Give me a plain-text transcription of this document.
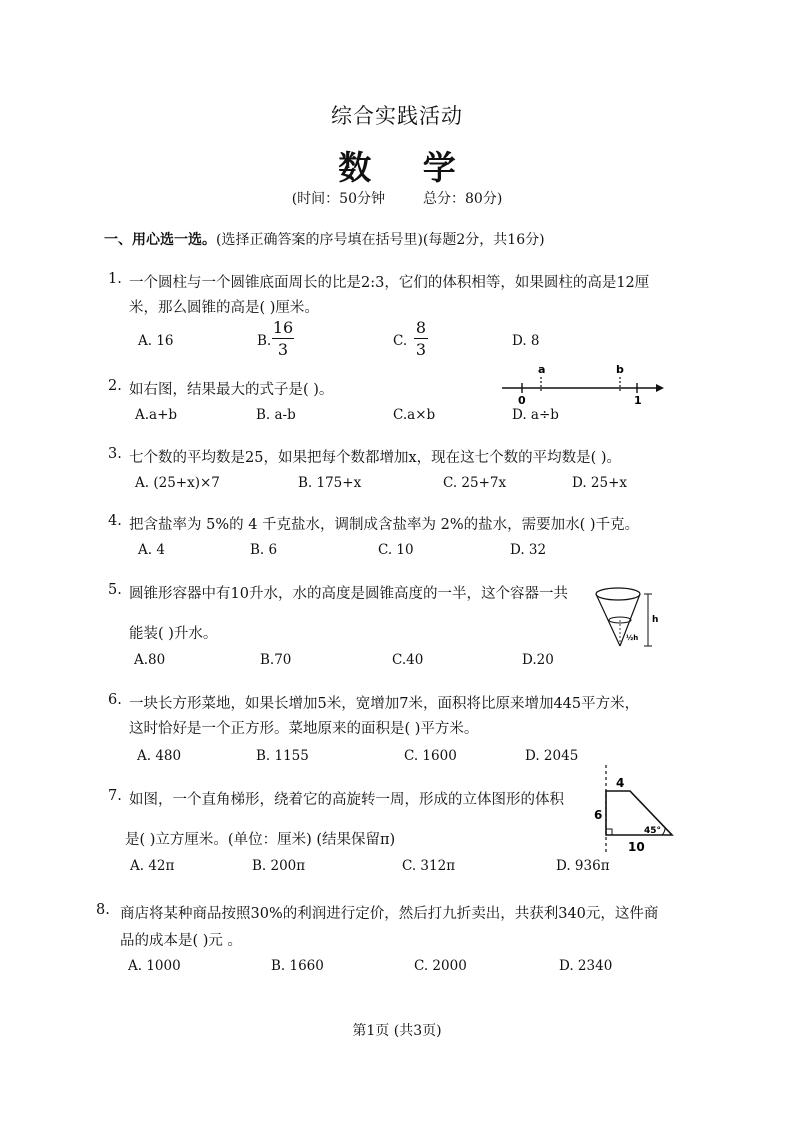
综合实践活动
数 学
(时间：50分钟	总分：80分)
一、用心选一选。(选择正确答案的序号填在括号里)(每题2分，共16分)
1. 一个圆柱与一个圆锥底面周长的比是2:3，它们的体积相等，如果圆柱的高是12厘
米，那么圆锥的高是( )厘米。
A. 16	B.
16
3	C.
8
3	D. 8
2. 如右图，结果最大的式子是( )。
A.a+b	B. a-b	C.a×b	D. a÷b
a	b
0	1
3. 七个数的平均数是25，如果把每个数都增加x，现在这七个数的平均数是( )。
A. (25+x)×7	B. 175+x	C. 25+7x	D. 25+x
4. 把含盐率为 5%的 4 千克盐水，调制成含盐率为 2%的盐水，需要加水( )千克。
A. 4	B. 6	C. 10	D. 32
5. 圆锥形容器中有10升水，水的高度是圆锥高度的一半，这个容器一共
能装( )升水。
A.80	B.70	C.40	D.20
h
½h
6. 一块长方形菜地，如果长增加5米，宽增加7米，面积将比原来增加445平方米，
这时恰好是一个正方形。菜地原来的面积是( )平方米。
A. 480	B. 1155	C. 1600	D. 2045
7. 如图，一个直角梯形，绕着它的高旋转一周，形成的立体图形的体积
是( )立方厘米。(单位：厘米) (结果保留π)
A. 42π	B. 200π	C. 312π	D. 936π
4
6
10
45°
8. 商店将某种商品按照30%的利润进行定价，然后打九折卖出，共获利340元，这件商
品的成本是( )元 。
A. 1000	B. 1660	C. 2000	D. 2340
第1页 (共3页)
